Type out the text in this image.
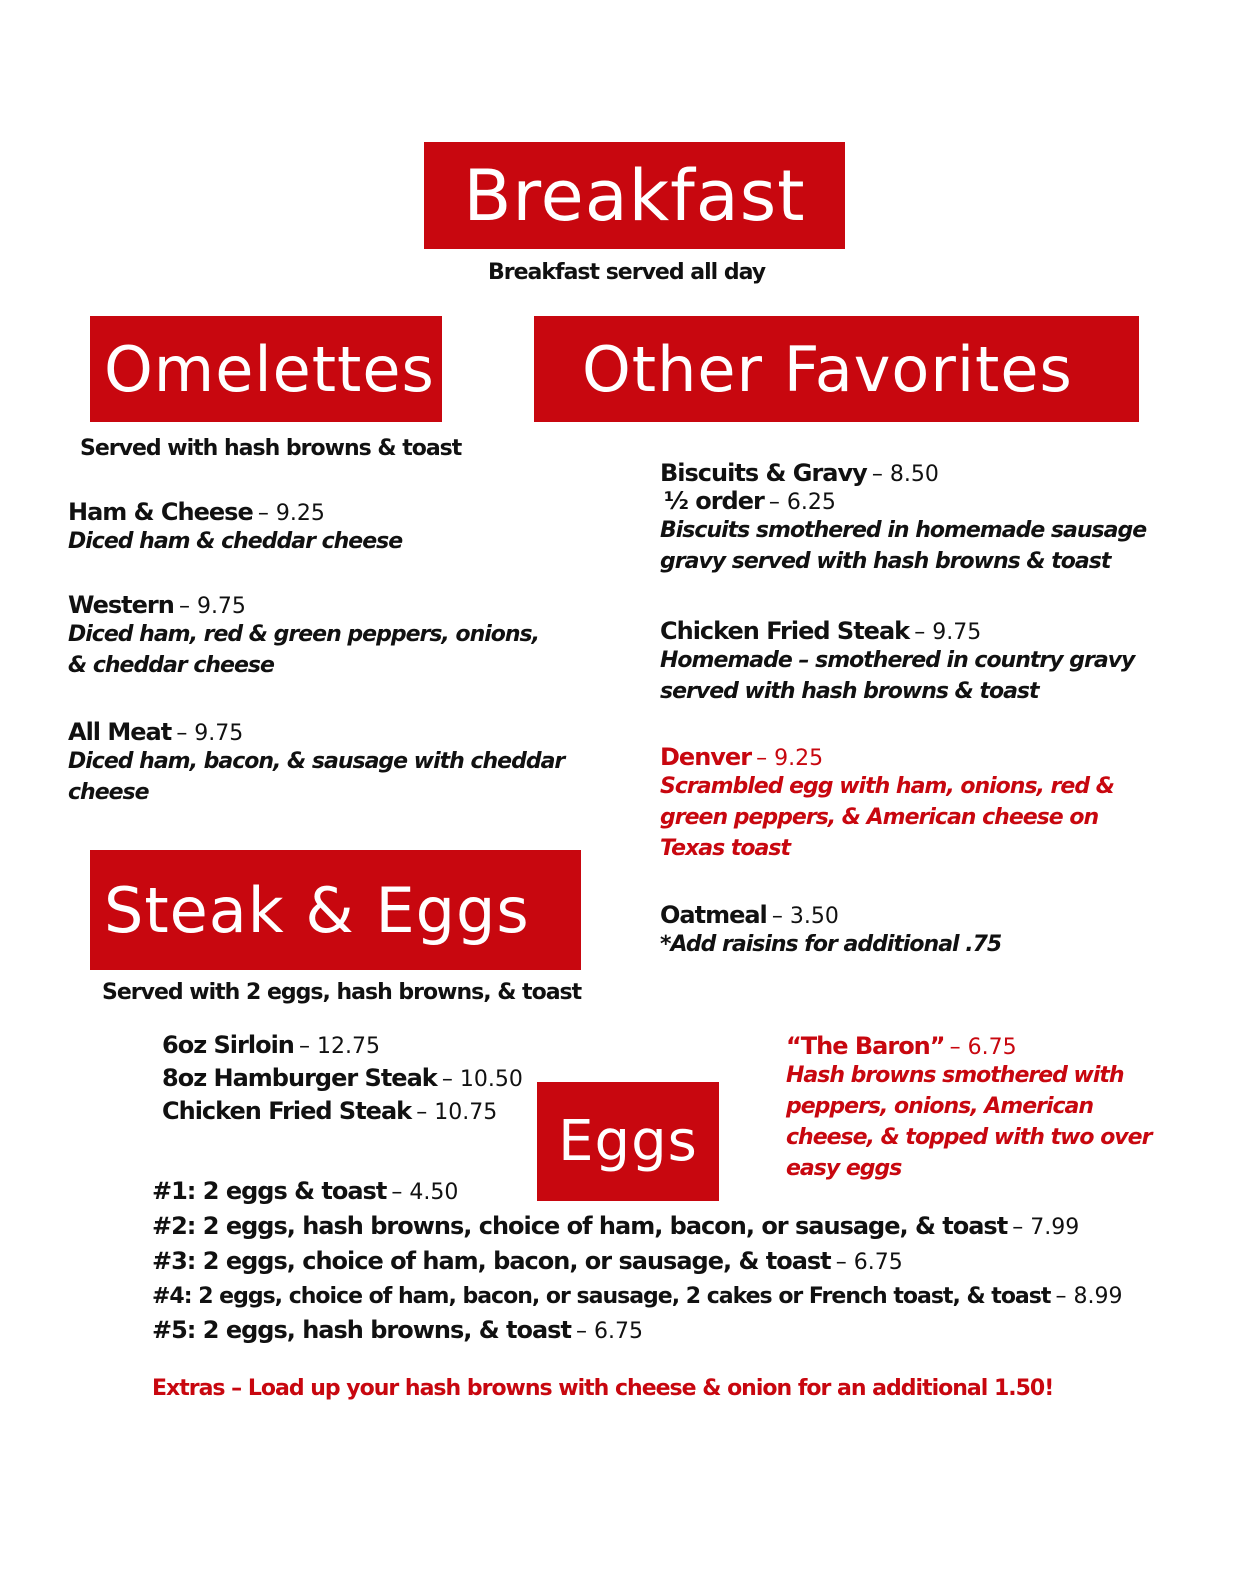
Breakfast
Breakfast served all day
Omelettes
Served with hash browns & toast
Ham & Cheese – 9.25
Diced ham & cheddar cheese
Western – 9.75
Diced ham, red & green peppers, onions,
& cheddar cheese
All Meat – 9.75
Diced ham, bacon, & sausage with cheddar
cheese
Other Favorites
Biscuits & Gravy – 8.50
½ order – 6.25
Biscuits smothered in homemade sausage
gravy served with hash browns & toast
Chicken Fried Steak – 9.75
Homemade – smothered in country gravy
served with hash browns & toast
Denver – 9.25
Scrambled egg with ham, onions, red &
green peppers, & American cheese on
Texas toast
Oatmeal – 3.50
*Add raisins for additional .75
“The Baron” – 6.75
Hash browns smothered with
peppers, onions, American
cheese, & topped with two over
easy eggs
Steak & Eggs
Served with 2 eggs, hash browns, & toast
6oz Sirloin – 12.75
8oz Hamburger Steak – 10.50
Chicken Fried Steak – 10.75	Eggs
#1: 2 eggs & toast – 4.50
#2: 2 eggs, hash browns, choice of ham, bacon, or sausage, & toast – 7.99
#3: 2 eggs, choice of ham, bacon, or sausage, & toast – 6.75
#4: 2 eggs, choice of ham, bacon, or sausage, 2 cakes or French toast, & toast – 8.99
#5: 2 eggs, hash browns, & toast – 6.75
Extras – Load up your hash browns with cheese & onion for an additional 1.50!
